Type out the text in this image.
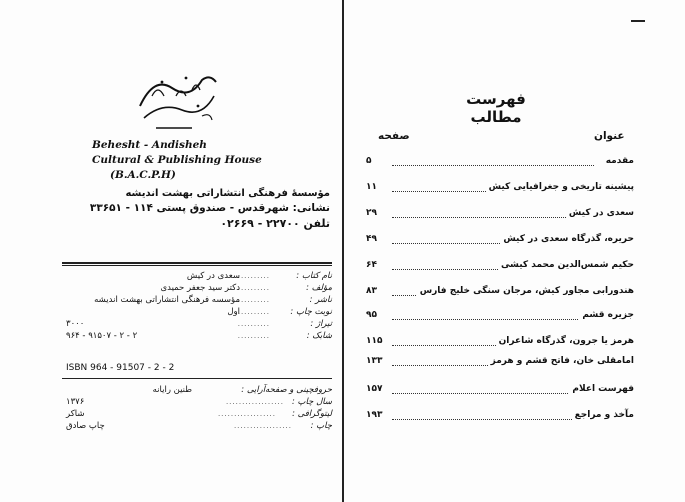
Behesht - Andisheh
Cultural & Publishing House
(B.A.C.P.H)
مؤسسهٔ فرهنگی انتشاراتی بهشت اندیشه
نشانی: شهرقدس - صندوق پستی ۱۱۴ - ۳۳۶۵۱
تلفن ۲۲۷۰۰ - ۰۲۶۶۹
نام کتاب :
..........
سعدی در کیش
مؤلف :
..........
دکتر سید جعفر حمیدی
ناشر :
..........
مؤسسه فرهنگی انتشاراتی بهشت اندیشه
نوبت چاپ :
..........
اول
تیراژ :
..........
۳۰۰۰
شابک :
..........
۲ - ۲ - ۹۱۵۰۷ - ۹۶۴
ISBN 964 - 91507 - 2 - 2
حروفچینی و صفحه‌آرایی :
طنین رایانه
سال چاپ :
..................
۱۳۷۶
لیتوگرافی :
..................
شاکر
چاپ :
..................
چاپ صادق
فهرست مطالب
عنوان
صفحه
مقدمه
۵
پیشینه تاریخی و جغرافیایی کیش
۱۱
سعدی در کیش
۲۹
حریره، گذرگاه سعدی در کیش
۴۹
حکیم شمس‌الدین محمد کیشی
۶۴
هندورابی مجاور کیش، مرجان سنگی خلیج فارس
۸۳
جزیره قشم
۹۵
هرمز یا جرون، گذرگاه شاعران
۱۱۵
امامقلی خان، فاتح قشم و هرمز
۱۳۳
فهرست اعلام
۱۵۷
مآخذ و مراجع
۱۹۳
